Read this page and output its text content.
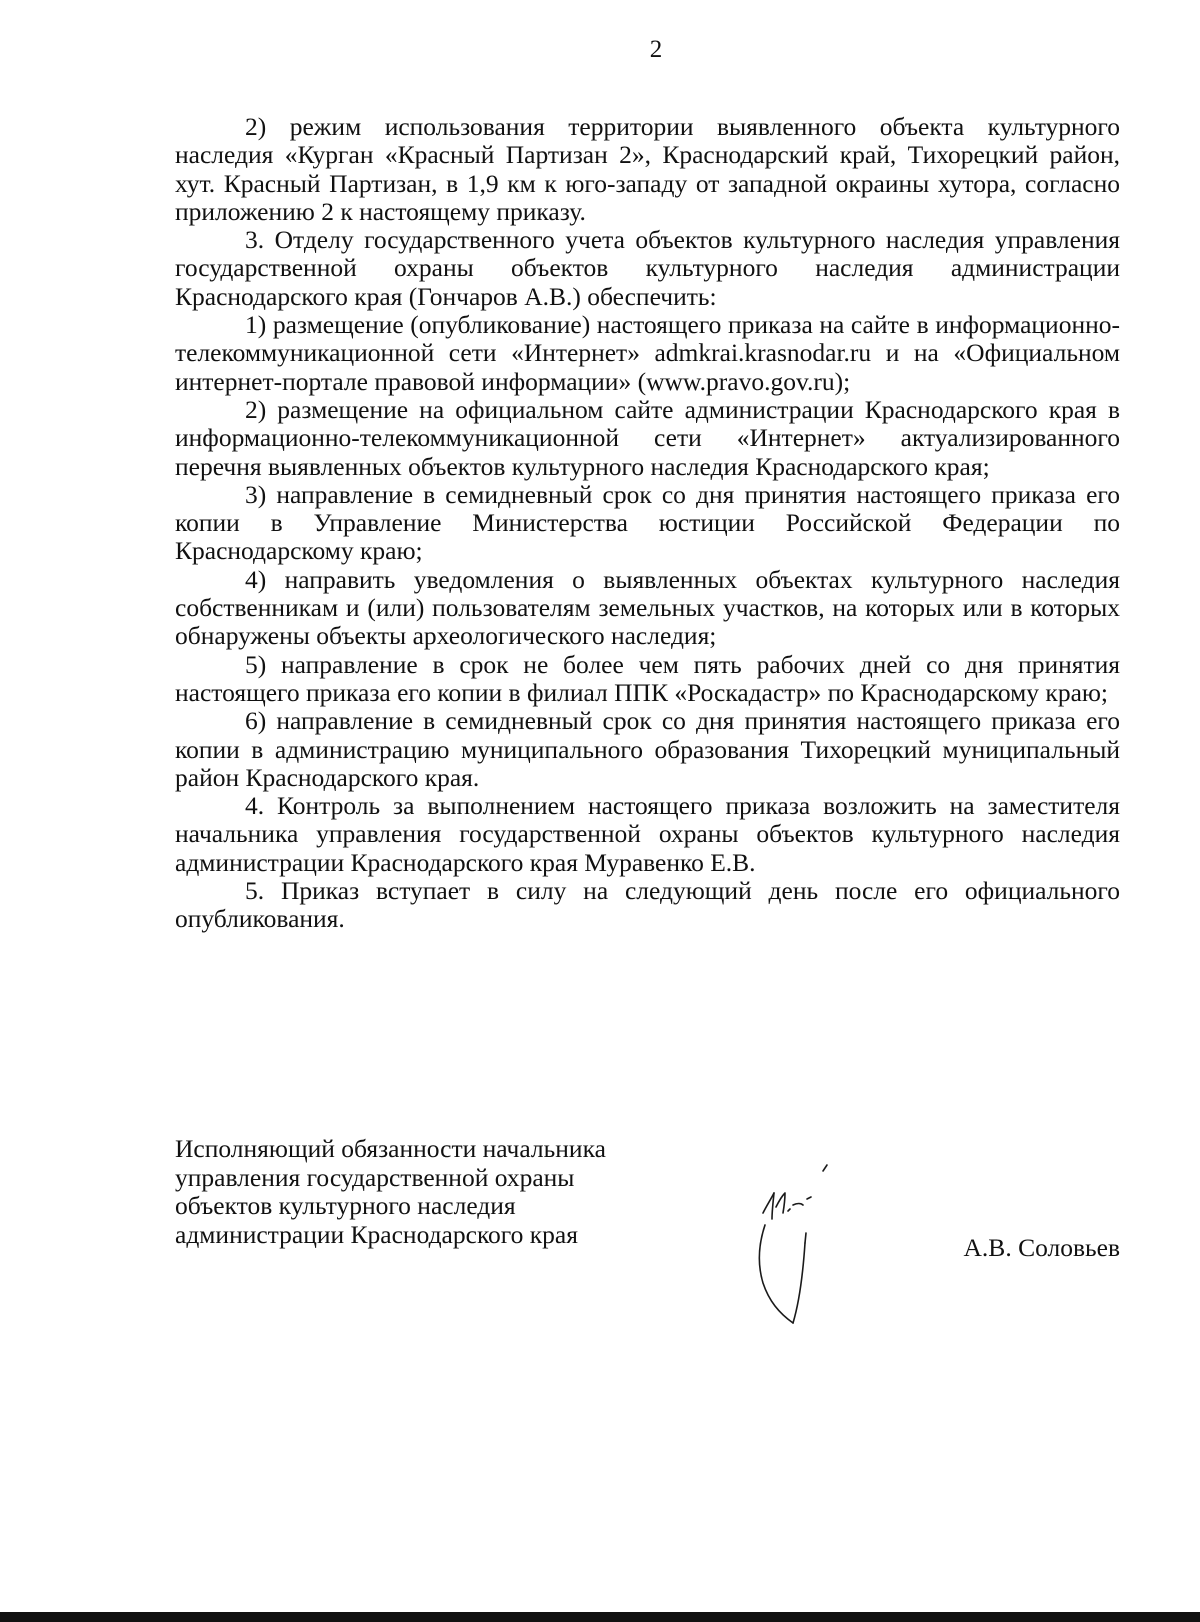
2

2) режим использования территории выявленного объекта культурного наследия «Курган «Красный Партизан 2», Краснодарский край, Тихорецкий район, хут. Красный Партизан, в 1,9 км к юго-западу от западной окраины хутора, согласно приложению 2 к настоящему приказу.

3. Отделу государственного учета объектов культурного наследия управления государственной охраны объектов культурного наследия администрации Краснодарского края (Гончаров А.В.) обеспечить:

1) размещение (опубликование) настоящего приказа на сайте в информационно-телекоммуникационной сети «Интернет» admkrai.krasnodar.ru и на «Официальном интернет-портале правовой информации» (www.pravo.gov.ru);

2) размещение на официальном сайте администрации Краснодарского края в информационно-телекоммуникационной сети «Интернет» актуализированного перечня выявленных объектов культурного наследия Краснодарского края;

3) направление в семидневный срок со дня принятия настоящего приказа его копии в Управление Министерства юстиции Российской Федерации по Краснодарскому краю;

4) направить уведомления о выявленных объектах культурного наследия собственникам и (или) пользователям земельных участков, на которых или в которых обнаружены объекты археологического наследия;

5) направление в срок не более чем пять рабочих дней со дня принятия настоящего приказа его копии в филиал ППК «Роскадастр» по Краснодарскому краю;

6) направление в семидневный срок со дня принятия настоящего приказа его копии в администрацию муниципального образования Тихорецкий муниципальный район Краснодарского края.

4. Контроль за выполнением настоящего приказа возложить на заместителя начальника управления государственной охраны объектов культурного наследия администрации Краснодарского края Муравенко Е.В.

5. Приказ вступает в силу на следующий день после его официального опубликования.

Исполняющий обязанности начальника
управления государственной охраны
объектов культурного наследия
администрации Краснодарского края	А.В. Соловьев
